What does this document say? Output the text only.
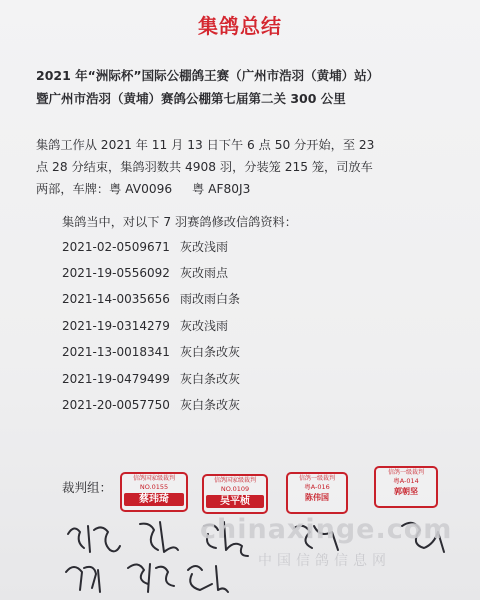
集鸽总结
2021 年“洲际杯”国际公棚鸽王赛（广州市浩羽（黄埔）站）
暨广州市浩羽（黄埔）赛鸽公棚第七届第二关 300 公里
集鸽工作从 2021 年 11 月 13 日下午 6 点 50 分开始，至 23
点 28 分结束，集鸽羽数共 4908 羽，分装笼 215 笼，司放车
两部，车牌：粤 AV0096 粤 AF80J3
集鸽当中，对以下 7 羽赛鸽修改信鸽资料：
2021-02-0509671 灰改浅雨
2021-19-0556092 灰改雨点
2021-14-0035656 雨改雨白条
2021-19-0314279 灰改浅雨
2021-13-0018341 灰白条改灰
2021-19-0479499 灰白条改灰
2021-20-0057750 灰白条改灰
裁判组：
信鸽国家级裁判
NO.0155
蔡玮琦
信鸽国家级裁判
NO.0109
吴平桢
信鸽一级裁判
粤A-016
陈伟国
信鸽一级裁判
粤A-014
郭朝坚
chinaxinge.com
中国信鸽信息网
